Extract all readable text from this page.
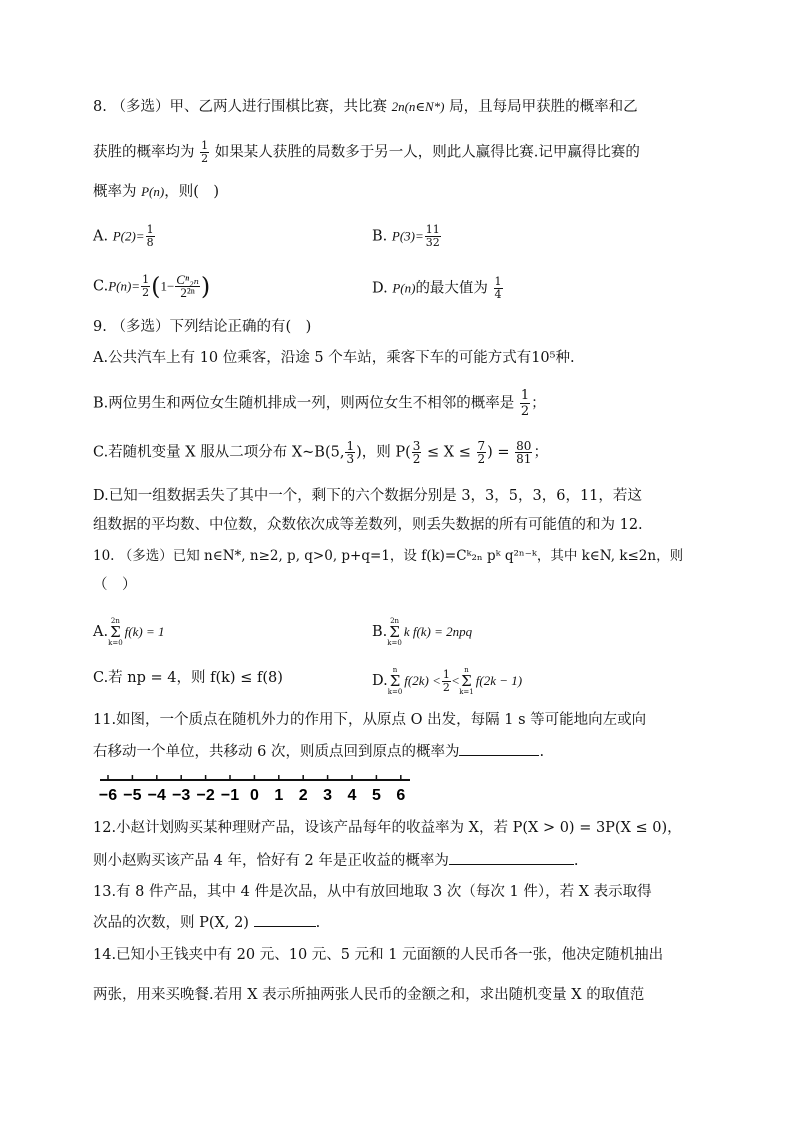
8. （多选）甲、乙两人进行围棋比赛，共比赛 2n(n∈N*) 局，且每局甲获胜的概率和乙
获胜的概率均为 $\frac{1}{2}$ 如果某人获胜的局数多于另一人，则此人赢得比赛.记甲赢得比赛的
概率为 P(n)，则(　)
A. $P(2)= \frac{1}{8}$	B. $P(3)= \frac{11}{32}$
$C.P(n)= \frac{1}{2} (1- \frac{\text{Cⁿ₂ₙ}}{\text{2²ⁿ}}$ )	D. P(n)的最大值为 $\frac{1}{4}$
9. （多选）下列结论正确的有(　)
A.公共汽车上有 10 位乘客，沿途 5 个车站，乘客下车的可能方式有10⁵种.
B.两位男生和两位女生随机排成一列，则两位女生不相邻的概率是 $\frac{1}{2}$ ；
C.若随机变量 X 服从二项分布 X~B(5, $\frac{1}{3}$ )，则 $P( \frac{3}{2} \le X \le \frac{7}{2}$ ) = $\frac{80}{81}$ ；
D.已知一组数据丢失了其中一个，剩下的六个数据分别是 3，3，5，3，6，11，若这
组数据的平均数、中位数，众数依次成等差数列，则丢失数据的所有可能值的和为 12.
10. （多选）已知 n∈N*, n≥2, p, q>0, p+q=1，设 f(k)=Cᵏ₂ₙ pᵏ q²ⁿ⁻ᵏ，其中 k∈N, k≤2n，则
（　）
A.
2n
Σ
k=0
f(k) = 1	B.
2n
Σ
k=0
k f(k) = 2npq
C.若 np = 4，则 f(k) ≤ f(8)	D.
n
Σ
k=0
$f(2k) < \frac{1}{2}$ <
n
Σ
k=1
f(2k − 1)
11.如图，一个质点在随机外力的作用下，从原点 O 出发，每隔 1 s 等可能地向左或向
右移动一个单位，共移动 6 次，则质点回到原点的概率为	.
−6 −5 −4 −3 −2 −1 0 1 2 3 4 5 6
12.小赵计划购买某种理财产品，设该产品每年的收益率为 X，若 P(X > 0) = 3P(X ≤ 0)，
则小赵购买该产品 4 年，恰好有 2 年是正收益的概率为	.
13.有 8 件产品，其中 4 件是次品，从中有放回地取 3 次（每次 1 件），若 X 表示取得
次品的次数，则 P(X, 2)	.
14.已知小王钱夹中有 20 元、10 元、5 元和 1 元面额的人民币各一张，他决定随机抽出
两张，用来买晚餐.若用 X 表示所抽两张人民币的金额之和，求出随机变量 X 的取值范
